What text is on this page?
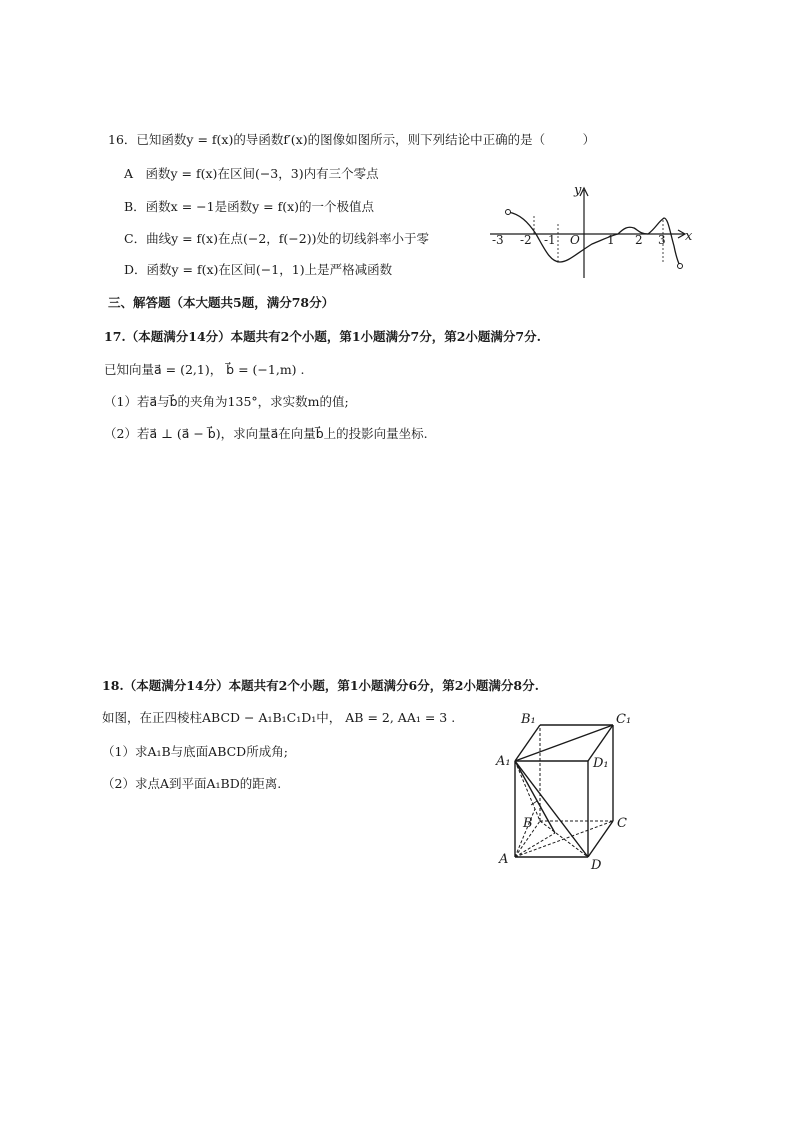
16．已知函数y = f(x)的导函数f′(x)的图像如图所示，则下列结论中正确的是（　　　）
A　函数y = f(x)在区间(−3，3)内有三个零点
B．函数x = −1是函数y = f(x)的一个极值点
C．曲线y = f(x)在点(−2，f(−2))处的切线斜率小于零
D．函数y = f(x)在区间(−1，1)上是严格减函数
x
y
O
-3 -2 -1	1 2 3
三、解答题（本大题共5题，满分78分）
17.（本题满分14分）本题共有2个小题，第1小题满分7分，第2小题满分7分.
已知向量a⃗ = (2,1)， b⃗ = (−1,m) .
（1）若a⃗与b⃗的夹角为135°，求实数m的值;
（2）若a⃗ ⊥ (a⃗ − b⃗)，求向量a⃗在向量b⃗上的投影向量坐标.
18.（本题满分14分）本题共有2个小题，第1小题满分6分，第2小题满分8分.
如图，在正四棱柱ABCD − A₁B₁C₁D₁中， AB = 2, AA₁ = 3 .
（1）求A₁B与底面ABCD所成角;
（2）求点A到平面A₁BD的距离.
B₁	C₁
A₁	D₁
B	C
A	D
